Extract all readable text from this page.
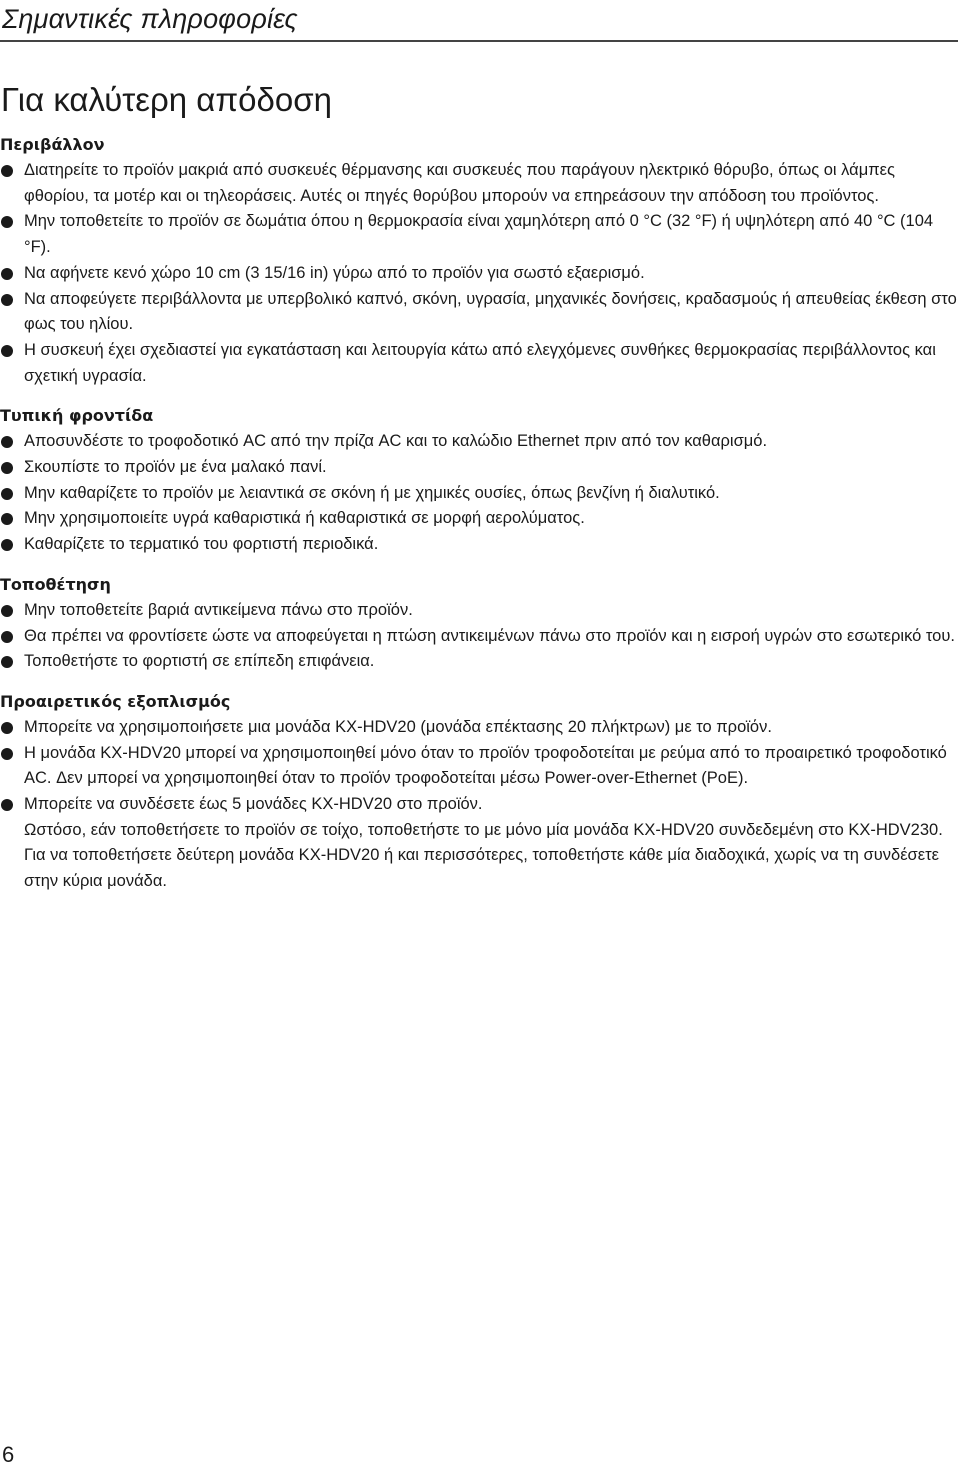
Σημαντικές πληροφορίες
Για καλύτερη απόδοση
Περιβάλλον
Διατηρείτε το προϊόν μακριά από συσκευές θέρμανσης και συσκευές που παράγουν ηλεκτρικό θόρυβο, όπως οι λάμπες φθορίου, τα μοτέρ και οι τηλεοράσεις. Αυτές οι πηγές θορύβου μπορούν να επηρεάσουν την απόδοση του προϊόντος.
Μην τοποθετείτε το προϊόν σε δωμάτια όπου η θερμοκρασία είναι χαμηλότερη από 0 °C (32 °F) ή υψηλότερη από 40 °C (104 °F).
Να αφήνετε κενό χώρο 10 cm (3 15/16 in) γύρω από το προϊόν για σωστό εξαερισμό.
Να αποφεύγετε περιβάλλοντα με υπερβολικό καπνό, σκόνη, υγρασία, μηχανικές δονήσεις, κραδασμούς ή απευθείας έκθεση στο φως του ηλίου.
Η συσκευή έχει σχεδιαστεί για εγκατάσταση και λειτουργία κάτω από ελεγχόμενες συνθήκες θερμοκρασίας περιβάλλοντος και σχετική υγρασία.
Τυπική φροντίδα
Αποσυνδέστε το τροφοδοτικό AC από την πρίζα AC και το καλώδιο Ethernet πριν από τον καθαρισμό.
Σκουπίστε το προϊόν με ένα μαλακό πανί.
Μην καθαρίζετε το προϊόν με λειαντικά σε σκόνη ή με χημικές ουσίες, όπως βενζίνη ή διαλυτικό.
Μην χρησιμοποιείτε υγρά καθαριστικά ή καθαριστικά σε μορφή αερολύματος.
Καθαρίζετε το τερματικό του φορτιστή περιοδικά.
Τοποθέτηση
Μην τοποθετείτε βαριά αντικείμενα πάνω στο προϊόν.
Θα πρέπει να φροντίσετε ώστε να αποφεύγεται η πτώση αντικειμένων πάνω στο προϊόν και η εισροή υγρών στο εσωτερικό του.
Τοποθετήστε το φορτιστή σε επίπεδη επιφάνεια.
Προαιρετικός εξοπλισμός
Μπορείτε να χρησιμοποιήσετε μια μονάδα KX-HDV20 (μονάδα επέκτασης 20 πλήκτρων) με το προϊόν.
Η μονάδα KX-HDV20 μπορεί να χρησιμοποιηθεί μόνο όταν το προϊόν τροφοδοτείται με ρεύμα από το προαιρετικό τροφοδοτικό AC. Δεν μπορεί να χρησιμοποιηθεί όταν το προϊόν τροφοδοτείται μέσω Power-over-Ethernet (PoE).
Μπορείτε να συνδέσετε έως 5 μονάδες KX-HDV20 στο προϊόν.
Ωστόσο, εάν τοποθετήσετε το προϊόν σε τοίχο, τοποθετήστε το με μόνο μία μονάδα KX-HDV20 συνδεδεμένη στο KX-HDV230. Για να τοποθετήσετε δεύτερη μονάδα KX-HDV20 ή και περισσότερες, τοποθετήστε κάθε μία διαδοχικά, χωρίς να τη συνδέσετε στην κύρια μονάδα.
6
